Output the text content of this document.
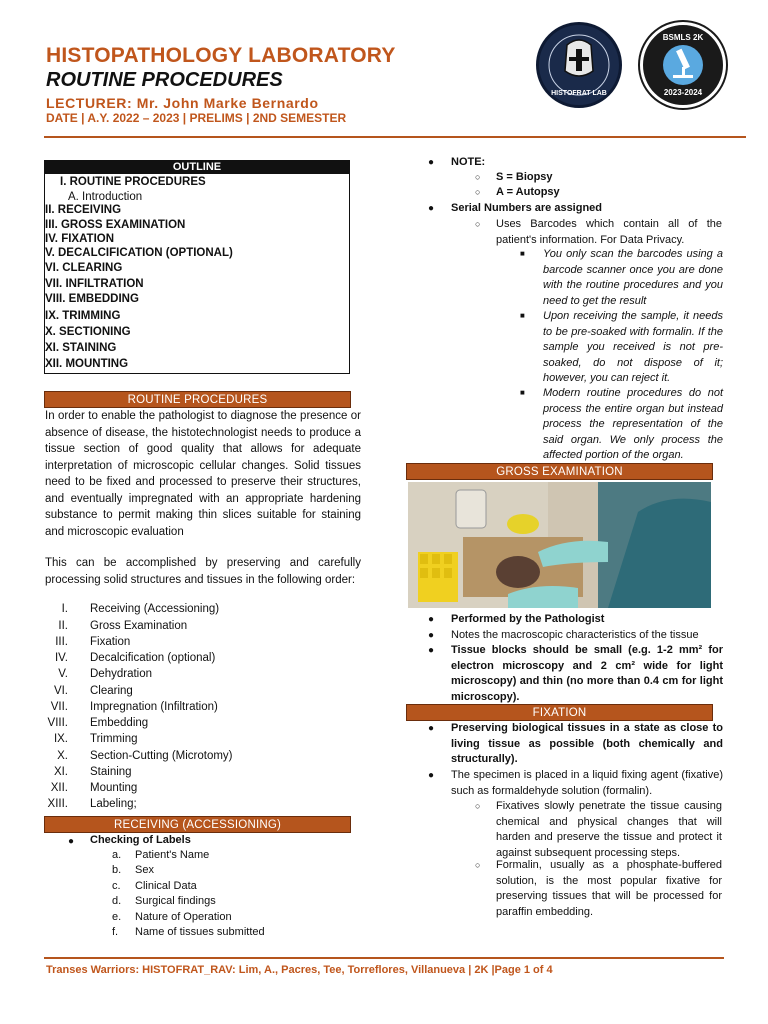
HISTOPATHOLOGY LABORATORY
ROUTINE PROCEDURES
LECTURER: Mr. John Marke Bernardo
DATE | A.Y. 2022 – 2023 | PRELIMS | 2ND SEMESTER
HISTOFRAT LAB
BSMLS 2K
2023-2024
OUTLINE
I. ROUTINE PROCEDURES
A. Introduction
II. RECEIVING
III. GROSS EXAMINATION
IV. FIXATION
V. DECALCIFICATION (OPTIONAL)
VI. CLEARING
VII. INFILTRATION
VIII. EMBEDDING
IX. TRIMMING
X. SECTIONING
XI. STAINING
XII. MOUNTING
ROUTINE PROCEDURES
In order to enable the pathologist to diagnose the presence or absence of disease, the histotechnologist needs to produce a tissue section of good quality that allows for adequate interpretation of microscopic cellular changes. Solid tissues need to be fixed and processed to preserve their structures, and eventually impregnated with an appropriate hardening substance to permit making thin slices suitable for staining and microscopic evaluation
This can be accomplished by preserving and carefully processing solid structures and tissues in the following order:
I. Receiving (Accessioning)
II. Gross Examination
III. Fixation
IV. Decalcification (optional)
V. Dehydration
VI. Clearing
VII. Impregnation (Infiltration)
VIII. Embedding
IX. Trimming
X. Section-Cutting (Microtomy)
XI. Staining
XII. Mounting
XIII. Labeling;
RECEIVING (ACCESSIONING)
● Checking of Labels
a. Patient's Name
b. Sex
c. Clinical Data
d. Surgical findings
e. Nature of Operation
f. Name of tissues submitted
● NOTE:
○ S = Biopsy
○ A = Autopsy
● Serial Numbers are assigned
○ Uses Barcodes which contain all of the patient's information. For Data Privacy.
■ You only scan the barcodes using a barcode scanner once you are done with the routine procedures and you need to get the result
■ Upon receiving the sample, it needs to be pre-soaked with formalin. If the sample you received is not pre-soaked, do not dispose of it; however, you can reject it.
■ Modern routine procedures do not process the entire organ but instead process the representation of the said organ. We only process the affected portion of the organ.
GROSS EXAMINATION
● Performed by the Pathologist
● Notes the macroscopic characteristics of the tissue
● Tissue blocks should be small (e.g. 1-2 mm² for electron microscopy and 2 cm² wide for light microscopy) and thin (no more than 0.4 cm for light microscopy).
FIXATION
● Preserving biological tissues in a state as close to living tissue as possible (both chemically and structurally).
● The specimen is placed in a liquid fixing agent (fixative) such as formaldehyde solution (formalin).
○ Fixatives slowly penetrate the tissue causing chemical and physical changes that will harden and preserve the tissue and protect it against subsequent processing steps.
○ Formalin, usually as a phosphate-buffered solution, is the most popular fixative for preserving tissues that will be processed for paraffin embedding.
Transes Warriors: HISTOFRAT_RAV: Lim, A., Pacres, Tee, Torreflores, Villanueva | 2K |Page 1 of 4
